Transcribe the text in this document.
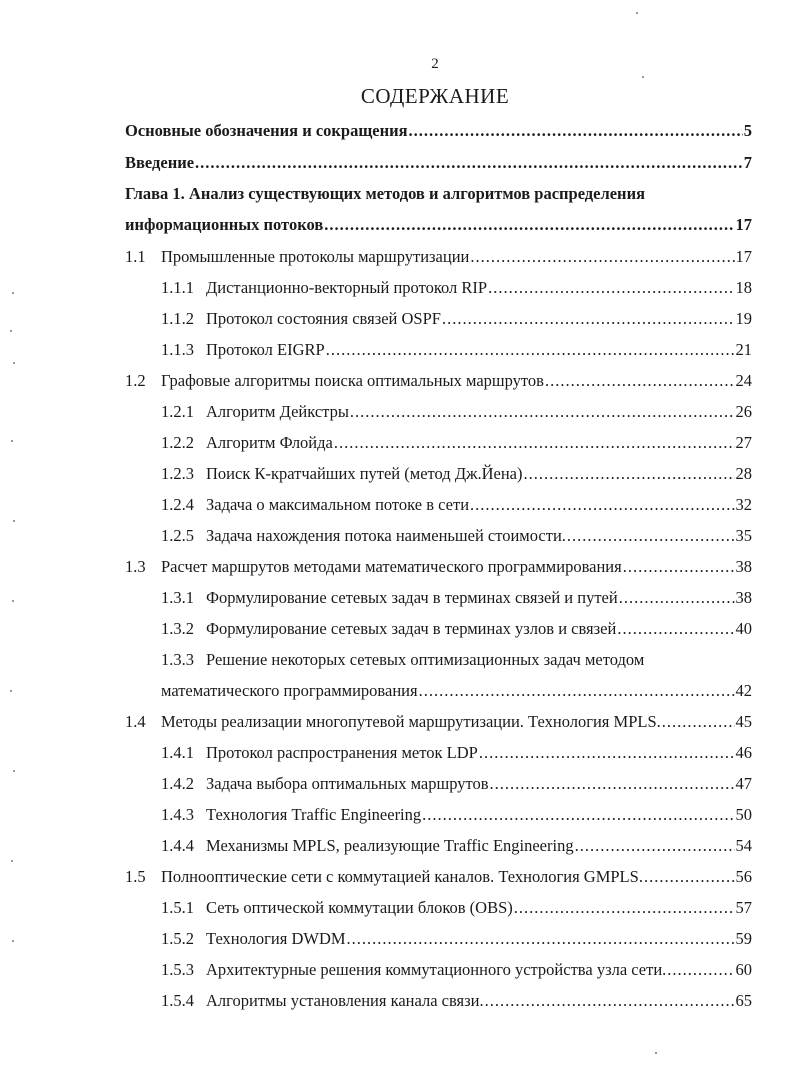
2
СОДЕРЖАНИЕ
Основные обозначения и сокращения .....	5
Введение .....	7
Глава 1. Анализ существующих методов и алгоритмов распределения
информационных потоков .....	17
1.1 Промышленные протоколы маршрутизации .....	17
1.1.1 Дистанционно-векторный протокол RIP .....	18
1.1.2 Протокол состояния связей OSPF .....	19
1.1.3 Протокол EIGRP .....	21
1.2 Графовые алгоритмы поиска оптимальных маршрутов .....	24
1.2.1 Алгоритм Дейкстры .....	26
1.2.2 Алгоритм Флойда .....	27
1.2.3 Поиск К-кратчайших путей (метод Дж.Йена) .....	28
1.2.4 Задача о максимальном потоке в сети .....	32
1.2.5 Задача нахождения потока наименьшей стоимости. .....	35
1.3 Расчет маршрутов методами математического программирования .....	38
1.3.1 Формулирование сетевых задач в терминах связей и путей .....	38
1.3.2 Формулирование сетевых задач в терминах узлов и связей .....	40
1.3.3 Решение некоторых сетевых оптимизационных задач методом
математического программирования .....	42
1.4 Методы реализации многопутевой маршрутизации. Технология MPLS. .....	45
1.4.1 Протокол распространения меток LDP .....	46
1.4.2 Задача выбора оптимальных маршрутов .....	47
1.4.3 Технология Traffic Engineering .....	50
1.4.4 Механизмы MPLS, реализующие Traffic Engineering .....	54
1.5 Полнооптические сети с коммутацией каналов. Технология GMPLS. .....	56
1.5.1 Сеть оптической коммутации блоков (OBS) .....	57
1.5.2 Технология DWDM .....	59
1.5.3 Архитектурные решения коммутационного устройства узла сети. .....	60
1.5.4 Алгоритмы установления канала связи. .....	65
